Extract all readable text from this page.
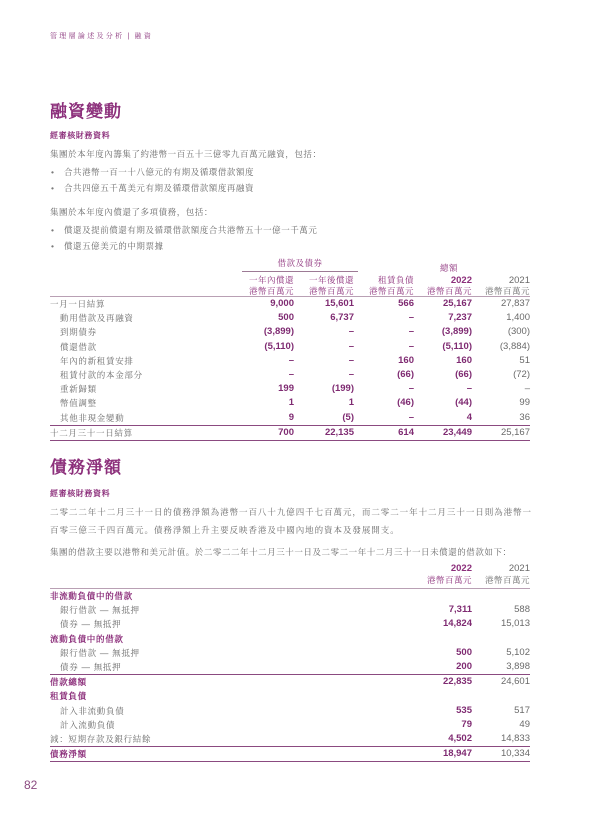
管理層論述及分析 | 融資
融資變動
經審核財務資料
集團於本年度內籌集了約港幣一百五十三億零九百萬元融資，包括：
• 合共港幣一百一十八億元的有期及循環借款額度
• 合共四億五千萬美元有期及循環借款額度再融資
集團於本年度內償還了多項債務，包括：
• 償還及提前償還有期及循環借款額度合共港幣五十一億一千萬元
• 償還五億美元的中期票據
借款及債券
一年內償還
港幣百萬元
一年後償還
港幣百萬元
租賃負債
港幣百萬元
總額
2022
港幣百萬元
2021
港幣百萬元
一月一日結算	9,000	15,601	566	25,167	27,837
動用借款及再融資	500	6,737	–	7,237	1,400
到期債券	(3,899)	–	–	(3,899)	(300)
償還借款	(5,110)	–	–	(5,110)	(3,884)
年內的新租賃安排	–	–	160	160	51
租賃付款的本金部分	–	–	(66)	(66)	(72)
重新歸類	199	(199)	–	–	–
幣值調整	1	1	(46)	(44)	99
其他非現金變動	9	(5)	–	4	36
十二月三十一日結算	700	22,135	614	23,449	25,167
債務淨額
經審核財務資料
二零二二年十二月三十一日的債務淨額為港幣一百八十九億四千七百萬元，而二零二一年十二月三十一日則為港幣一百零三億三千四百萬元。債務淨額上升主要反映香港及中國內地的資本及發展開支。
集團的借款主要以港幣和美元計值。於二零二二年十二月三十一日及二零二一年十二月三十一日未償還的借款如下：
2022
港幣百萬元
2021
港幣百萬元
非流動負債中的借款		
銀行借款 — 無抵押	7,311	588
債券 — 無抵押	14,824	15,013
流動負債中的借款		
銀行借款 — 無抵押	500	5,102
債券 — 無抵押	200	3,898
借款總額	22,835	24,601
租賃負債		
計入非流動負債	535	517
計入流動負債	79	49
減：短期存款及銀行結餘	4,502	14,833
債務淨額	18,947	10,334
82
